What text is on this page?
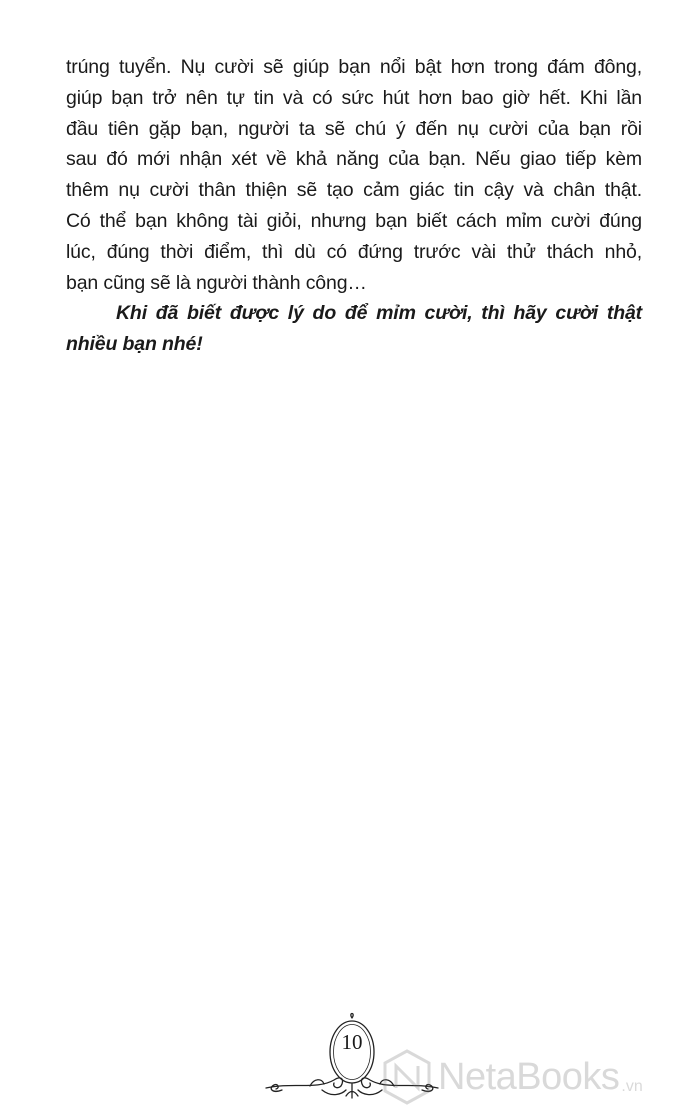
trúng tuyển. Nụ cười sẽ giúp bạn nổi bật hơn trong đám đông,
giúp bạn trở nên tự tin và có sức hút hơn bao giờ hết. Khi lần
đầu tiên gặp bạn, người ta sẽ chú ý đến nụ cười của bạn rồi
sau đó mới nhận xét về khả năng của bạn. Nếu giao tiếp kèm
thêm nụ cười thân thiện sẽ tạo cảm giác tin cậy và chân thật.
Có thể bạn không tài giỏi, nhưng bạn biết cách mỉm cười đúng
lúc, đúng thời điểm, thì dù có đứng trước vài thử thách nhỏ,
bạn cũng sẽ là người thành công…
Khi đã biết được lý do để mỉm cười, thì hãy cười thật
nhiều bạn nhé!
10
NetaBooks .vn
